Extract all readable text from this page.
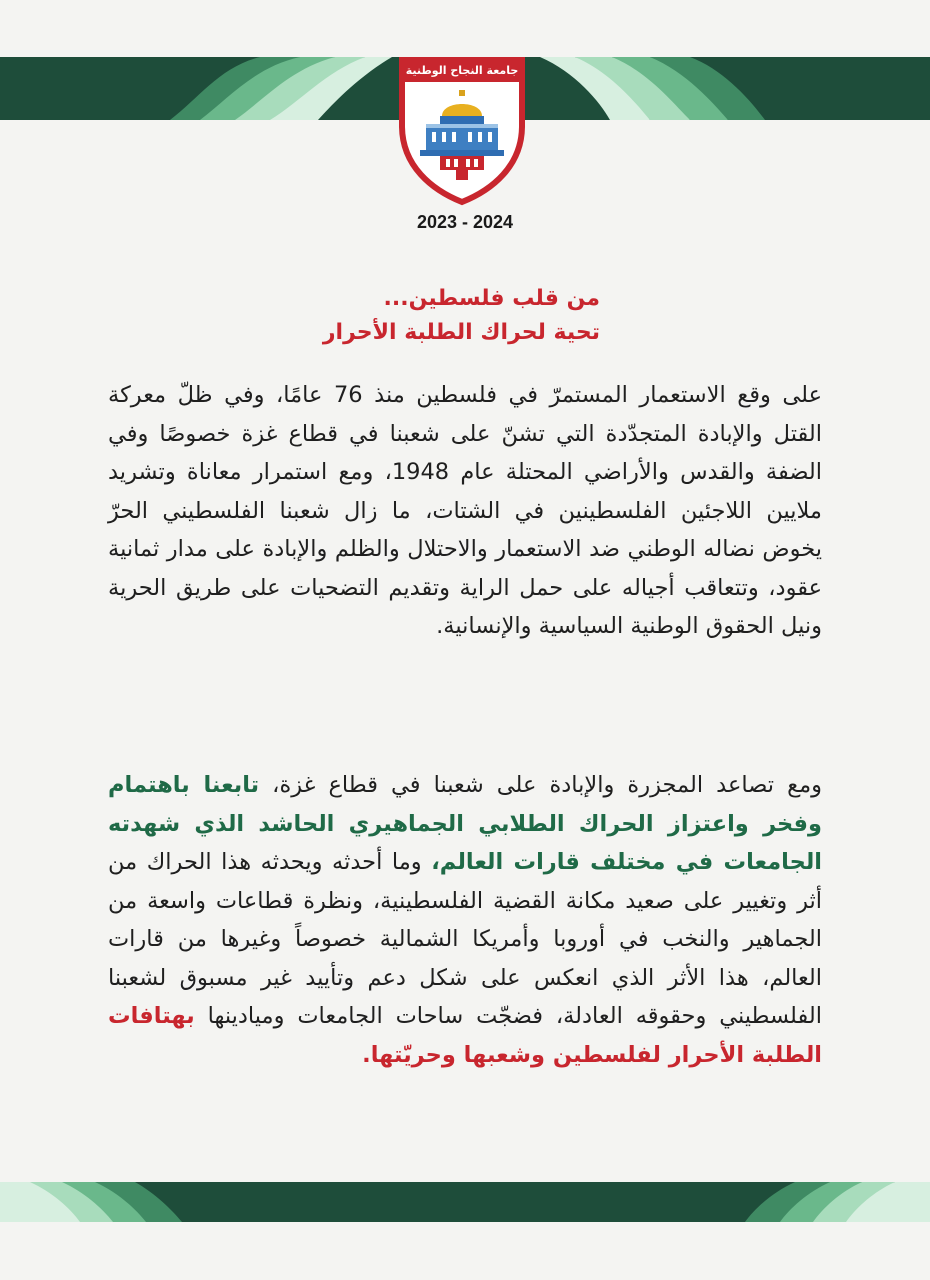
جامعة النجاح الوطنية
2023 - 2024
من قلب فلسطين...
تحية لحراك الطلبة الأحرار
على وقع الاستعمار المستمرّ في فلسطين منذ 76 عامًا، وفي ظلّ معركة القتل والإبادة المتجدّدة التي تشنّ على شعبنا في قطاع غزة خصوصًا وفي الضفة والقدس والأراضي المحتلة عام 1948، ومع استمرار معاناة وتشريد ملايين اللاجئين الفلسطينين في الشتات، ما زال شعبنا الفلسطيني الحرّ يخوض نضاله الوطني ضد الاستعمار والاحتلال والظلم والإبادة على مدار ثمانية عقود، وتتعاقب أجياله على حمل الراية وتقديم التضحيات على طريق الحرية ونيل الحقوق الوطنية السياسية والإنسانية.
ومع تصاعد المجزرة والإبادة على شعبنا في قطاع غزة، تابعنا باهتمام وفخر واعتزاز الحراك الطلابي الجماهيري الحاشد الذي شهدته الجامعات في مختلف قارات العالم، وما أحدثه ويحدثه هذا الحراك من أثر وتغيير على صعيد مكانة القضية الفلسطينية، ونظرة قطاعات واسعة من الجماهير والنخب في أوروبا وأمريكا الشمالية خصوصاً وغيرها من قارات العالم، هذا الأثر الذي انعكس على شكل دعم وتأييد غير مسبوق لشعبنا الفلسطيني وحقوقه العادلة، فضجّت ساحات الجامعات وميادينها بهتافات الطلبة الأحرار لفلسطين وشعبها وحريّتها.
